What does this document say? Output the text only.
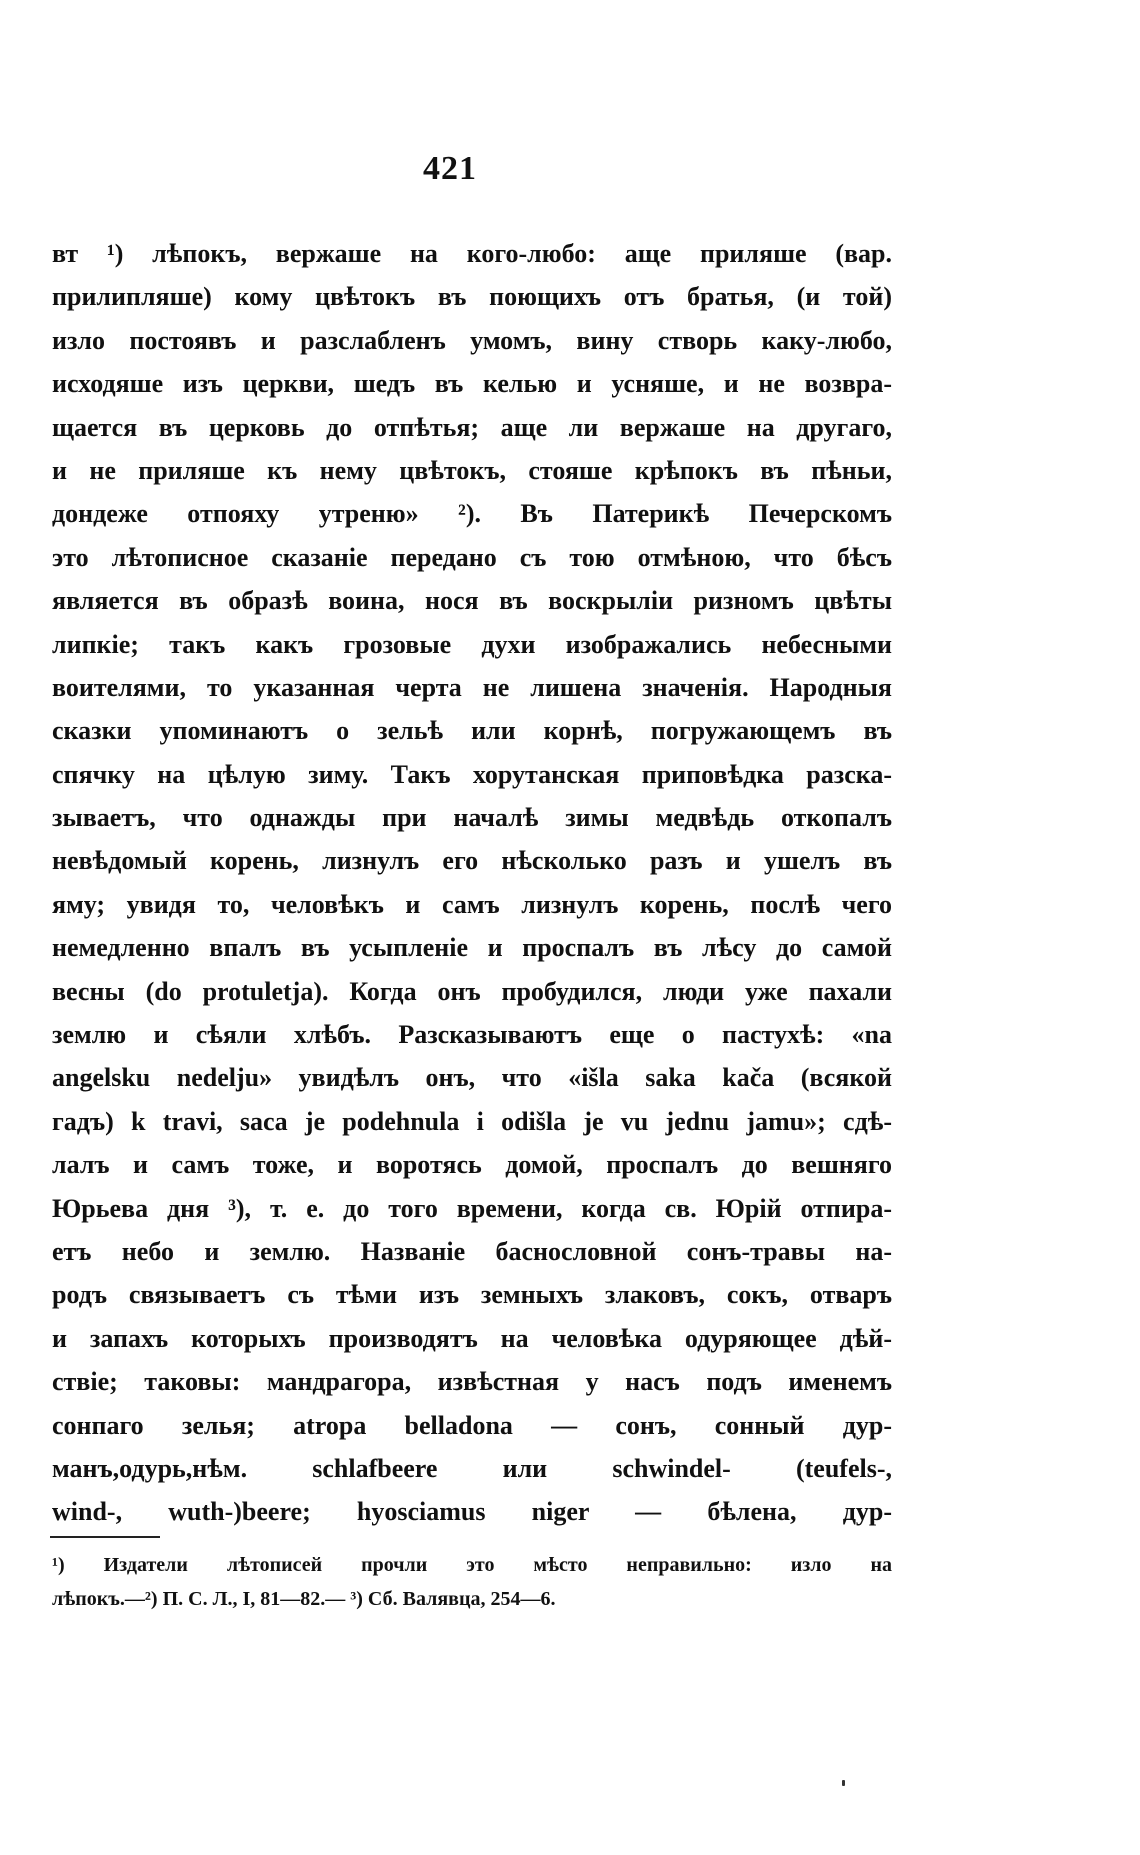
421
вт ¹) лѣпокъ, вержаше на кого-любо: аще приляше (вар.
прилипляше) кому цвѣтокъ въ поющихъ отъ братья, (и той)
изло постоявъ и разслабленъ умомъ, вину створь каку-любо,
исходяше изъ церкви, шедъ въ келью и усняше, и не возвра-
щается въ церковь до отпѣтья; аще ли вержаше на другаго,
и не приляше къ нему цвѣтокъ, стояше крѣпокъ въ пѣньи,
дондеже отпояху утреню» ²). Въ Патерикѣ Печерскомъ
это лѣтописное сказаніе передано съ тою отмѣною, что бѣсъ
является въ образѣ воина, нося въ воскрыліи ризномъ цвѣты
липкіе; такъ какъ грозовые духи изображались небесными
воителями, то указанная черта не лишена значенія. Народныя
сказки упоминаютъ о зельѣ или корнѣ, погружающемъ въ
спячку на цѣлую зиму. Такъ хорутанская приповѣдка разска-
зываетъ, что однажды при началѣ зимы медвѣдь откопалъ
невѣдомый корень, лизнулъ его нѣсколько разъ и ушелъ въ
яму; увидя то, человѣкъ и самъ лизнулъ корень, послѣ чего
немедленно впалъ въ усыпленіе и проспалъ въ лѣсу до самой
весны (do protuletja). Когда онъ пробудился, люди уже пахали
землю и сѣяли хлѣбъ. Разсказываютъ еще о пастухѣ: «na
angelsku nedelju» увидѣлъ онъ, что «išla saka kača (всякой
гадъ) k travi, saca je podehnula i odišla je vu jednu jamu»; сдѣ-
лалъ и самъ тоже, и воротясь домой, проспалъ до вешняго
Юрьева дня ³), т. е. до того времени, когда св. Юрій отпира-
етъ небо и землю. Названіе баснословной сонъ-травы на-
родъ связываетъ съ тѣми изъ земныхъ злаковъ, сокъ, отваръ
и запахъ которыхъ производятъ на человѣка одуряющее дѣй-
ствіе; таковы: мандрагора, извѣстная у насъ подъ именемъ
сонпаго зелья; atropa belladona — сонъ, сонный дур-
манъ,одурь,нѣм. schlafbeere или schwindel- (teufels-,
wind-, wuth-)beere; hyosciamus niger — бѣлена, дур-
¹) Издатели лѣтописей прочли это мѣсто неправильно: изло на
лѣпокъ.—²) П. С. Л., I, 81—82.— ³) Сб. Валявца, 254—6.
